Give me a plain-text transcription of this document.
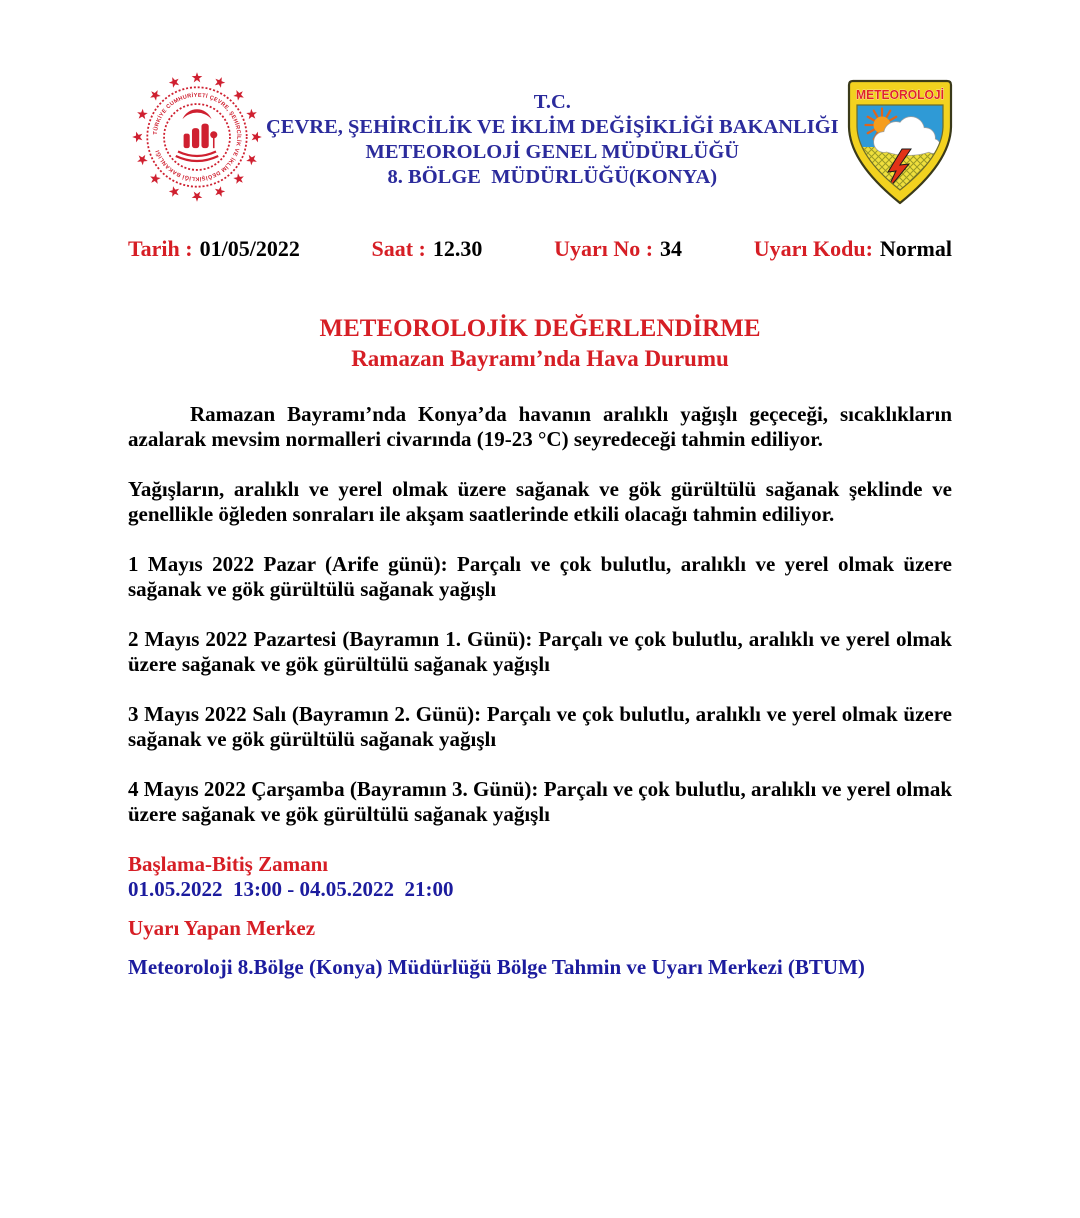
TÜRKİYE CUMHURİYETİ ÇEVRE, ŞEHİRCİLİK VE İKLİM DEĞİŞİKLİĞİ BAKANLIĞI
T.C.
ÇEVRE, ŞEHİRCİLİK VE İKLİM DEĞİŞİKLİĞİ BAKANLIĞI
METEOROLOJİ GENEL MÜDÜRLÜĞÜ
8. BÖLGE  MÜDÜRLÜĞÜ(KONYA)
METEOROLOJİ
Tarih : 01/05/2022	Saat : 12.30	Uyarı No : 34	Uyarı Kodu: Normal
METEOROLOJİK DEĞERLENDİRME
Ramazan Bayramı’nda Hava Durumu

Ramazan Bayramı’nda Konya’da havanın aralıklı yağışlı geçeceği, sıcaklıkların azalarak mevsim normalleri civarında (19-23 °C) seyredeceği tahmin ediliyor.

Yağışların, aralıklı ve yerel olmak üzere sağanak ve gök gürültülü sağanak şeklinde ve genellikle öğleden sonraları ile akşam saatlerinde etkili olacağı tahmin ediliyor.

1 Mayıs 2022 Pazar (Arife günü): Parçalı ve çok bulutlu, aralıklı ve yerel olmak üzere sağanak ve gök gürültülü sağanak yağışlı

2 Mayıs 2022 Pazartesi (Bayramın 1. Günü): Parçalı ve çok bulutlu, aralıklı ve yerel olmak üzere sağanak ve gök gürültülü sağanak yağışlı

3 Mayıs 2022 Salı (Bayramın 2. Günü): Parçalı ve çok bulutlu, aralıklı ve yerel olmak üzere sağanak ve gök gürültülü sağanak yağışlı

4 Mayıs 2022 Çarşamba (Bayramın 3. Günü): Parçalı ve çok bulutlu, aralıklı ve yerel olmak üzere sağanak ve gök gürültülü sağanak yağışlı

Başlama-Bitiş Zamanı
01.05.2022  13:00 - 04.05.2022  21:00
Uyarı Yapan Merkez
Meteoroloji 8.Bölge (Konya) Müdürlüğü Bölge Tahmin ve Uyarı Merkezi (BTUM)
